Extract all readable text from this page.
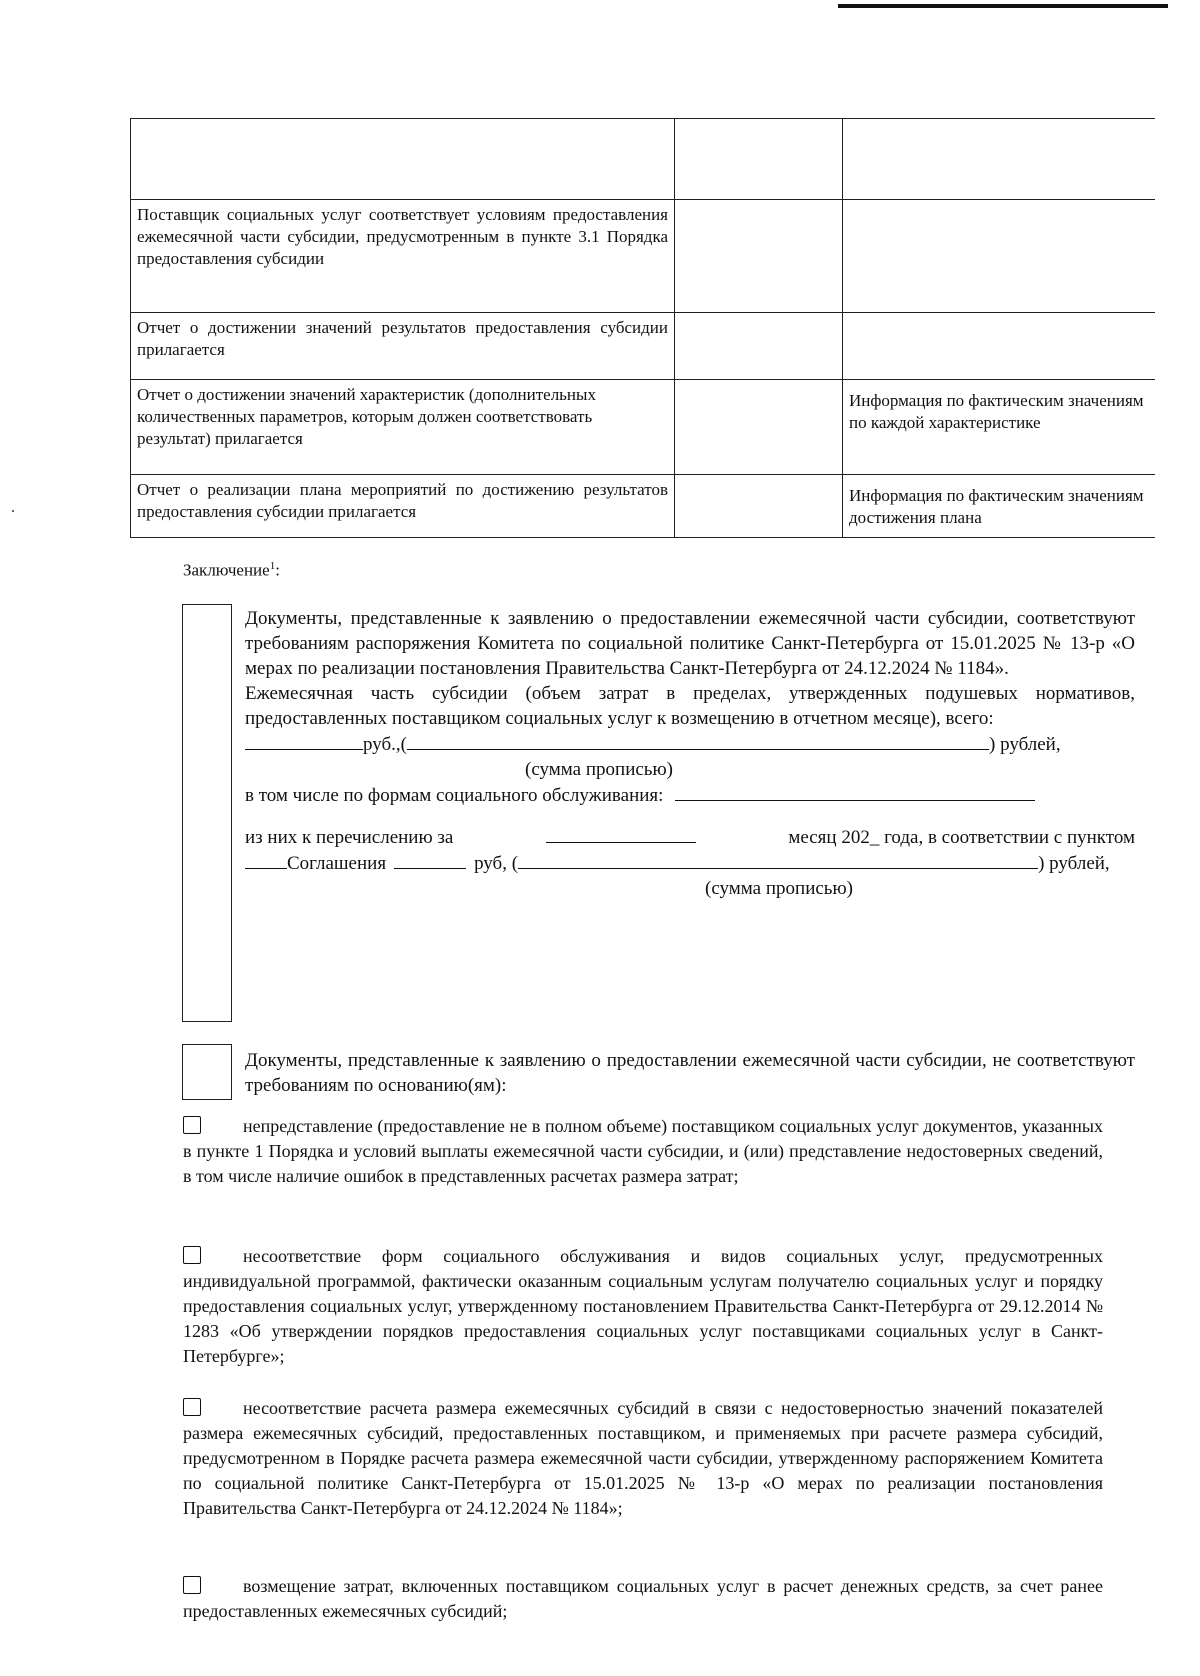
Поставщик социальных услуг соответствует условиям предоставления ежемесячной части субсидии, предусмотренным в пункте 3.1 Порядка предоставления субсидии		
Отчет о достижении значений результатов предоставления субсидии прилагается		
Отчет о достижении значений характеристик (дополнительных количественных параметров, которым должен соответствовать результат) прилагается		Информация по фактическим значениям по каждой характеристике
Отчет о реализации плана мероприятий по достижению результатов предоставления субсидии прилагается		Информация по фактическим значениям достижения плана
Заключение$^1$:
Документы, представленные к заявлению о предоставлении ежемесячной части субсидии, соответствуют требованиям распоряжения Комитета по социальной политике Санкт-Петербурга от 15.01.2025 № 13-р «О мерах по реализации постановления Правительства Санкт-Петербурга от 24.12.2024 № 1184».
Ежемесячная часть субсидии (объем затрат в пределах, утвержденных подушевых нормативов, предоставленных поставщиком социальных услуг к возмещению в отчетном месяце), всего:
руб.,(	) рублей,
(сумма прописью)
в том числе по формам социального обслуживания:
из них к перечислению за	месяц 202_ года, в соответствии с пунктом
Соглашения	руб, (	) рублей,
(сумма прописью)
Документы, представленные к заявлению о предоставлении ежемесячной части субсидии, не соответствуют требованиям по основанию(ям):
непредставление (предоставление не в полном объеме) поставщиком социальных услуг документов, указанных в пункте 1 Порядка и условий выплаты ежемесячной части субсидии, и (или) представление недостоверных сведений, в том числе наличие ошибок в представленных расчетах размера затрат;
несоответствие форм социального обслуживания и видов социальных услуг, предусмотренных индивидуальной программой, фактически оказанным социальным услугам получателю социальных услуг и порядку предоставления социальных услуг, утвержденному постановлением Правительства Санкт-Петербурга от 29.12.2014 № 1283 «Об утверждении порядков предоставления социальных услуг поставщиками социальных услуг в Санкт-Петербурге»;
несоответствие расчета размера ежемесячных субсидий в связи с недостоверностью значений показателей размера ежемесячных субсидий, предоставленных поставщиком, и применяемых при расчете размера субсидий, предусмотренном в Порядке расчета размера ежемесячной части субсидии, утвержденному распоряжением Комитета по социальной политике Санкт-Петербурга от 15.01.2025 № 13-р «О мерах по реализации постановления Правительства Санкт-Петербурга от 24.12.2024 № 1184»;
возмещение затрат, включенных поставщиком социальных услуг в расчет денежных средств, за счет ранее предоставленных ежемесячных субсидий;
